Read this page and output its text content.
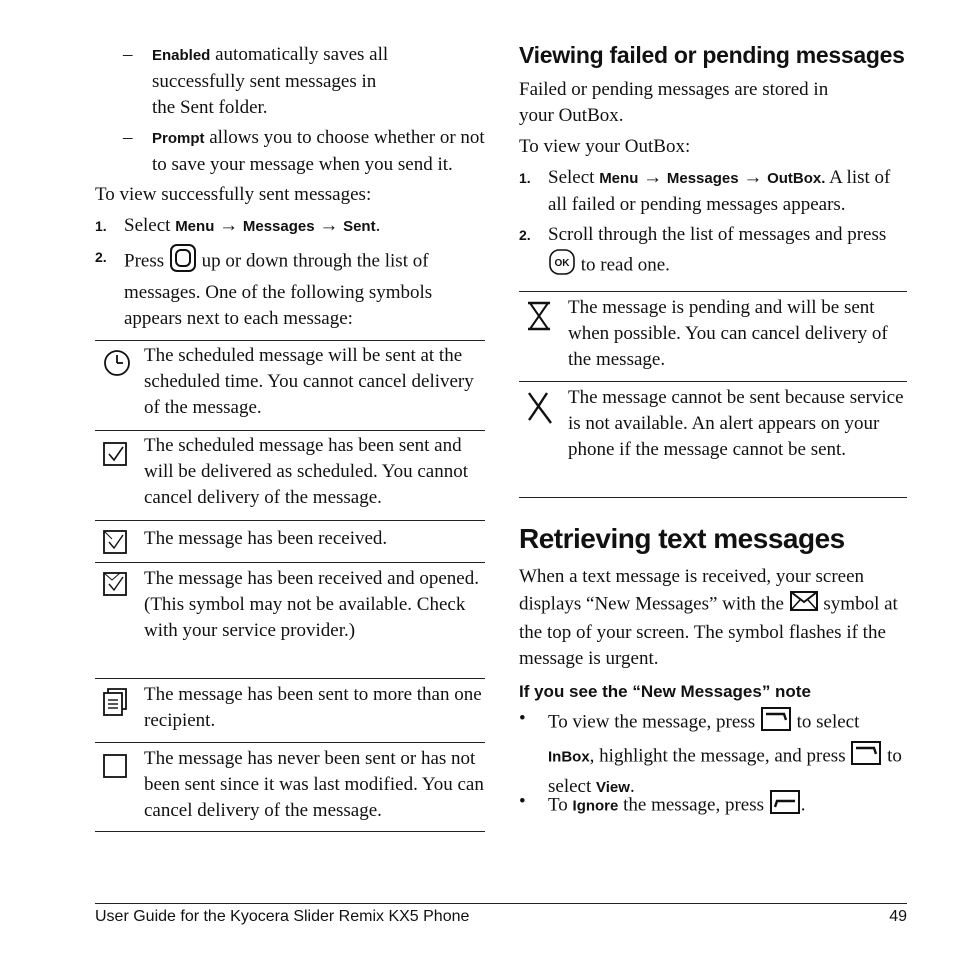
– Enabled automatically saves all successfully sent messages in the Sent folder.
– Prompt allows you to choose whether or not to save your message when you send it.
To view successfully sent messages:
1. Select Menu → Messages → Sent.
2. Press  up or down through the list of messages. One of the following symbols appears next to each message:

The scheduled message will be sent at the scheduled time. You cannot cancel delivery of the message.

The scheduled message has been sent and will be delivered as scheduled. You cannot cancel delivery of the message.

The message has been received.

The message has been received and opened. (This symbol may not be available. Check with your service provider.)

The message has been sent to more than one recipient.

The message has never been sent or has not been sent since it was last modified. You can cancel delivery of the message.
Viewing failed or pending messages
Failed or pending messages are stored in your OutBox.
To view your OutBox:
1. Select Menu → Messages → OutBox. A list of all failed or pending messages appears.
2. Scroll through the list of messages and press
OK to read one.

The message is pending and will be sent when possible. You can cancel delivery of the message.

The message cannot be sent because service is not available. An alert appears on your phone if the message cannot be sent.
Retrieving text messages
When a text message is received, your screen displays “New Messages” with the  symbol at the top of your screen. The symbol flashes if the message is urgent.
If you see the “New Messages” note
• To view the message, press  to select InBox, highlight the message, and press  to select View.
• To Ignore the message, press .
User Guide for the Kyocera Slider Remix KX5 Phone	49
